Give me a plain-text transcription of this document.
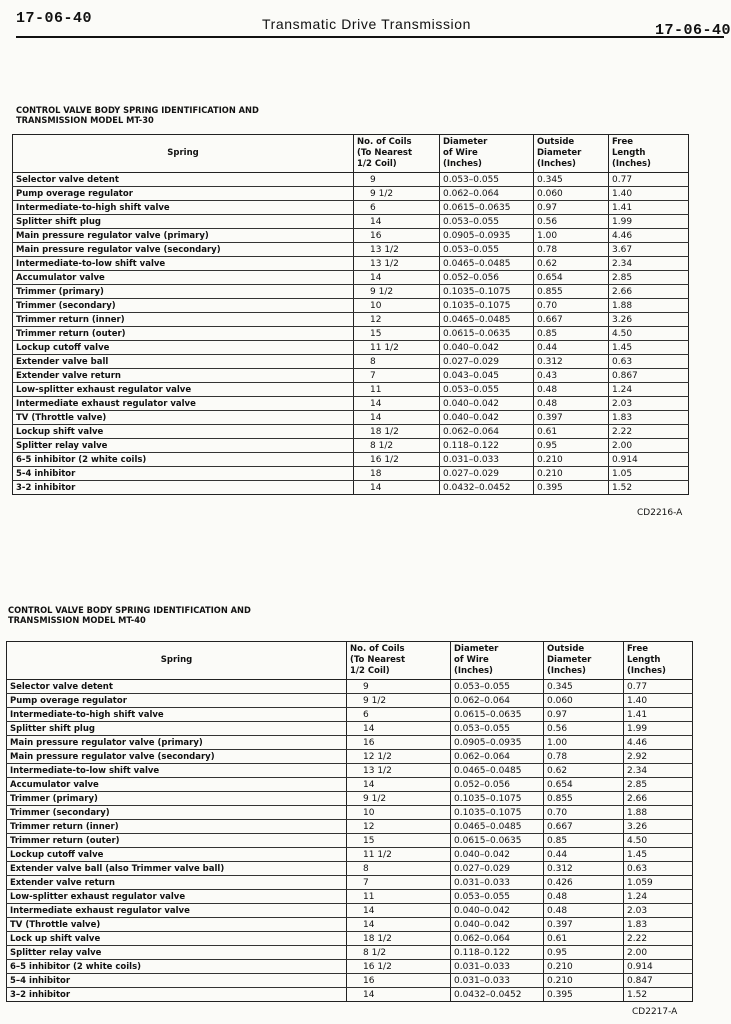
17-06-40	Transmatic Drive Transmission	17-06-40
CONTROL VALVE BODY SPRING IDENTIFICATION AND
TRANSMISSION MODEL MT-30
Spring	No. of Coils
(To Nearest
1/2 Coil)	Diameter
of Wire
(Inches)	Outside
Diameter
(Inches)	Free
Length
(Inches)

Selector valve detent	9	0.053–0.055	0.345	0.77
Pump overage regulator	9 1/2	0.062–0.064	0.060	1.40
Intermediate-to-high shift valve	6	0.0615–0.0635	0.97	1.41
Splitter shift plug	14	0.053–0.055	0.56	1.99
Main pressure regulator valve (primary)	16	0.0905–0.0935	1.00	4.46
Main pressure regulator valve (secondary)	13 1/2	0.053–0.055	0.78	3.67
Intermediate-to-low shift valve	13 1/2	0.0465–0.0485	0.62	2.34
Accumulator valve	14	0.052–0.056	0.654	2.85
Trimmer (primary)	9 1/2	0.1035–0.1075	0.855	2.66
Trimmer (secondary)	10	0.1035–0.1075	0.70	1.88
Trimmer return (inner)	12	0.0465–0.0485	0.667	3.26
Trimmer return (outer)	15	0.0615–0.0635	0.85	4.50
Lockup cutoff valve	11 1/2	0.040–0.042	0.44	1.45
Extender valve ball	8	0.027–0.029	0.312	0.63
Extender valve return	7	0.043–0.045	0.43	0.867
Low-splitter exhaust regulator valve	11	0.053–0.055	0.48	1.24
Intermediate exhaust regulator valve	14	0.040–0.042	0.48	2.03
TV (Throttle valve)	14	0.040–0.042	0.397	1.83
Lockup shift valve	18 1/2	0.062–0.064	0.61	2.22
Splitter relay valve	8 1/2	0.118–0.122	0.95	2.00
6-5 inhibitor (2 white coils)	16 1/2	0.031–0.033	0.210	0.914
5-4 inhibitor	18	0.027–0.029	0.210	1.05
3-2 inhibitor	14	0.0432–0.0452	0.395	1.52
CD2216-A
CONTROL VALVE BODY SPRING IDENTIFICATION AND
TRANSMISSION MODEL MT-40
Spring	No. of Coils
(To Nearest
1/2 Coil)	Diameter
of Wire
(Inches)	Outside
Diameter
(Inches)	Free
Length
(Inches)

Selector valve detent	9	0.053–0.055	0.345	0.77
Pump overage regulator	9 1/2	0.062–0.064	0.060	1.40
Intermediate-to-high shift valve	6	0.0615–0.0635	0.97	1.41
Splitter shift plug	14	0.053–0.055	0.56	1.99
Main pressure regulator valve (primary)	16	0.0905–0.0935	1.00	4.46
Main pressure regulator valve (secondary)	12 1/2	0.062–0.064	0.78	2.92
Intermediate-to-low shift valve	13 1/2	0.0465–0.0485	0.62	2.34
Accumulator valve	14	0.052–0.056	0.654	2.85
Trimmer (primary)	9 1/2	0.1035–0.1075	0.855	2.66
Trimmer (secondary)	10	0.1035–0.1075	0.70	1.88
Trimmer return (inner)	12	0.0465–0.0485	0.667	3.26
Trimmer return (outer)	15	0.0615–0.0635	0.85	4.50
Lockup cutoff valve	11 1/2	0.040–0.042	0.44	1.45
Extender valve ball (also Trimmer valve ball)	8	0.027–0.029	0.312	0.63
Extender valve return	7	0.031–0.033	0.426	1.059
Low-splitter exhaust regulator valve	11	0.053–0.055	0.48	1.24
Intermediate exhaust regulator valve	14	0.040–0.042	0.48	2.03
TV (Throttle valve)	14	0.040–0.042	0.397	1.83
Lock up shift valve	18 1/2	0.062–0.064	0.61	2.22
Splitter relay valve	8 1/2	0.118–0.122	0.95	2.00
6–5 inhibitor (2 white coils)	16 1/2	0.031–0.033	0.210	0.914
5–4 inhibitor	16	0.031–0.033	0.210	0.847
3–2 inhibitor	14	0.0432–0.0452	0.395	1.52
CD2217-A
